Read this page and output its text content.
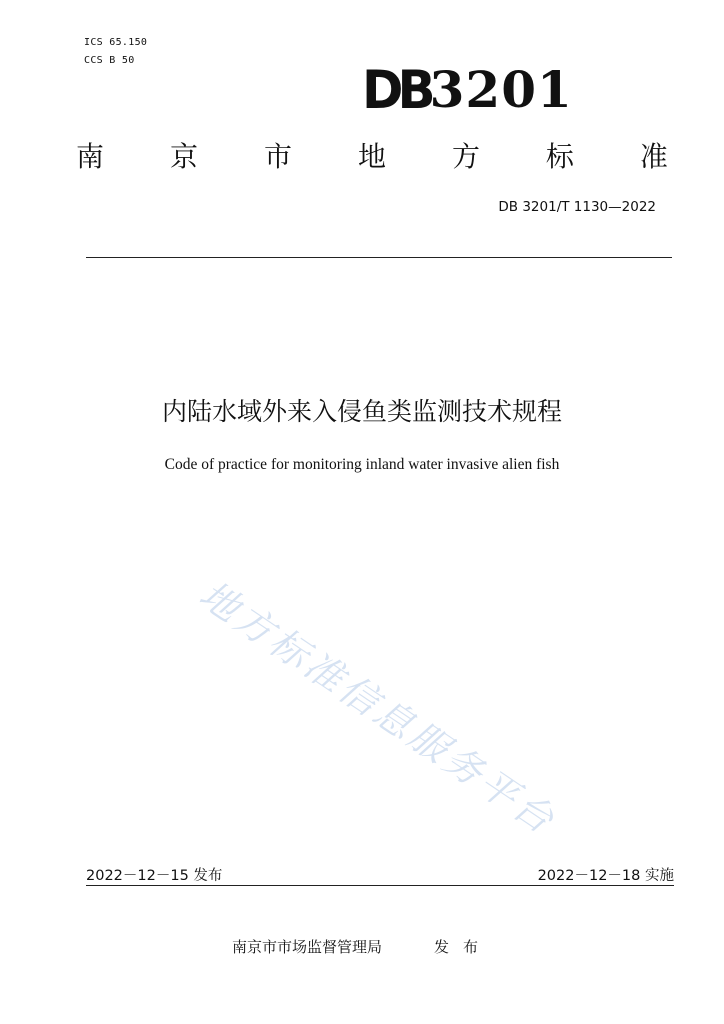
ICS 65.150
CCS B 50	DB3201
南 京 市 地 方 标 准
DB 3201/T 1130—2022
内陆水域外来入侵鱼类监测技术规程
Code of practice for monitoring inland water invasive alien fish
地方标准信息服务平台
2022－12－15 发布	2022－12－18 实施
南京市市场监督管理局	发布
